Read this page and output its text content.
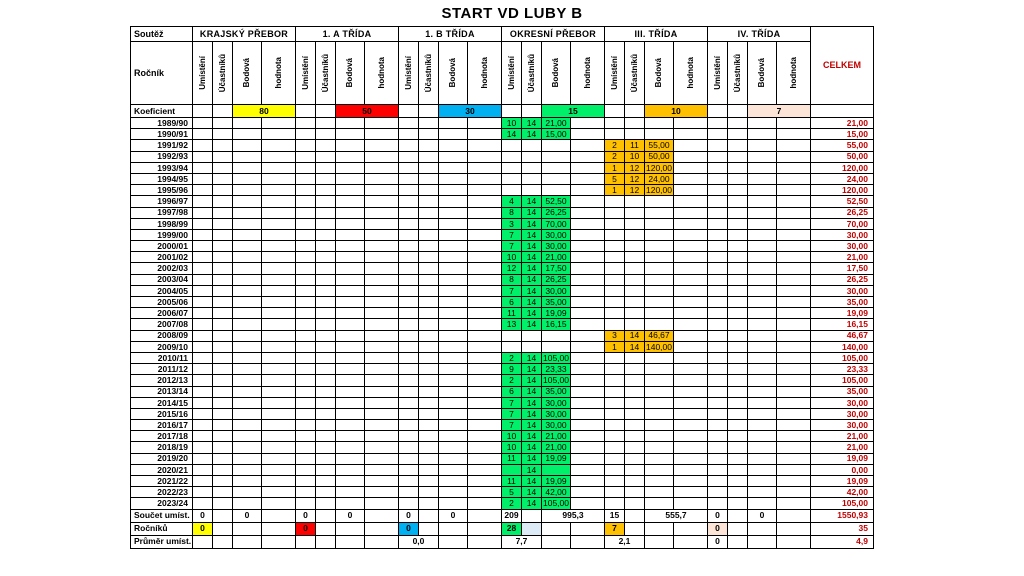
START VD LUBY B
Soutěž	KRAJSKÝ PŘEBOR				1. A TŘÍDA				1. B TŘÍDA				OKRESNÍ PŘEBOR				III. TŘÍDA				IV. TŘÍDA				CELKEM
Ročník	Umístění	Účastníků	Bodová	hodnota	Umístění	Účastníků	Bodová	hodnota	Umístění	Účastníků	Bodová	hodnota	Umístění	Účastníků	Bodová	hodnota	Umístění	Účastníků	Bodová	hodnota	Umístění	Účastníků	Bodová	hodnota	

Koeficient			80				50				30				15				10				7		
1989/90													10	14	21,00										21,00
1990/91													14	14	15,00										15,00
1991/92																	2	11	55,00						55,00
1992/93																	2	10	50,00						50,00
1993/94																	1	12	120,00						120,00
1994/95																	5	12	24,00						24,00
1995/96																	1	12	120,00						120,00
1996/97													4	14	52,50										52,50
1997/98													8	14	26,25										26,25
1998/99													3	14	70,00										70,00
1999/00													7	14	30,00										30,00
2000/01													7	14	30,00										30,00
2001/02													10	14	21,00										21,00
2002/03													12	14	17,50										17,50
2003/04													8	14	26,25										26,25
2004/05													7	14	30,00										30,00
2005/06													6	14	35,00										35,00
2006/07													11	14	19,09										19,09
2007/08													13	14	16,15										16,15
2008/09																	3	14	46,67						46,67
2009/10																	1	14	140,00						140,00
2010/11													2	14	105,00										105,00
2011/12													9	14	23,33										23,33
2012/13													2	14	105,00										105,00
2013/14													6	14	35,00										35,00
2014/15													7	14	30,00										30,00
2015/16													7	14	30,00										30,00
2016/17													7	14	30,00										30,00
2017/18													10	14	21,00										21,00
2018/19													10	14	21,00										21,00
2019/20													11	14	19,09										19,09
2020/21														14											0,00
2021/22													11	14	19,09										19,09
2022/23													5	14	42,00										42,00
2023/24													2	14	105,00										105,00
Součet umíst.	0		0		0		0		0		0		209		995,3		15		555,7		0		0		1550,93
Ročníků	0				0				0				28				7				0				35
Průměr umíst.									0,0				7,7				2,1				0				4,9
